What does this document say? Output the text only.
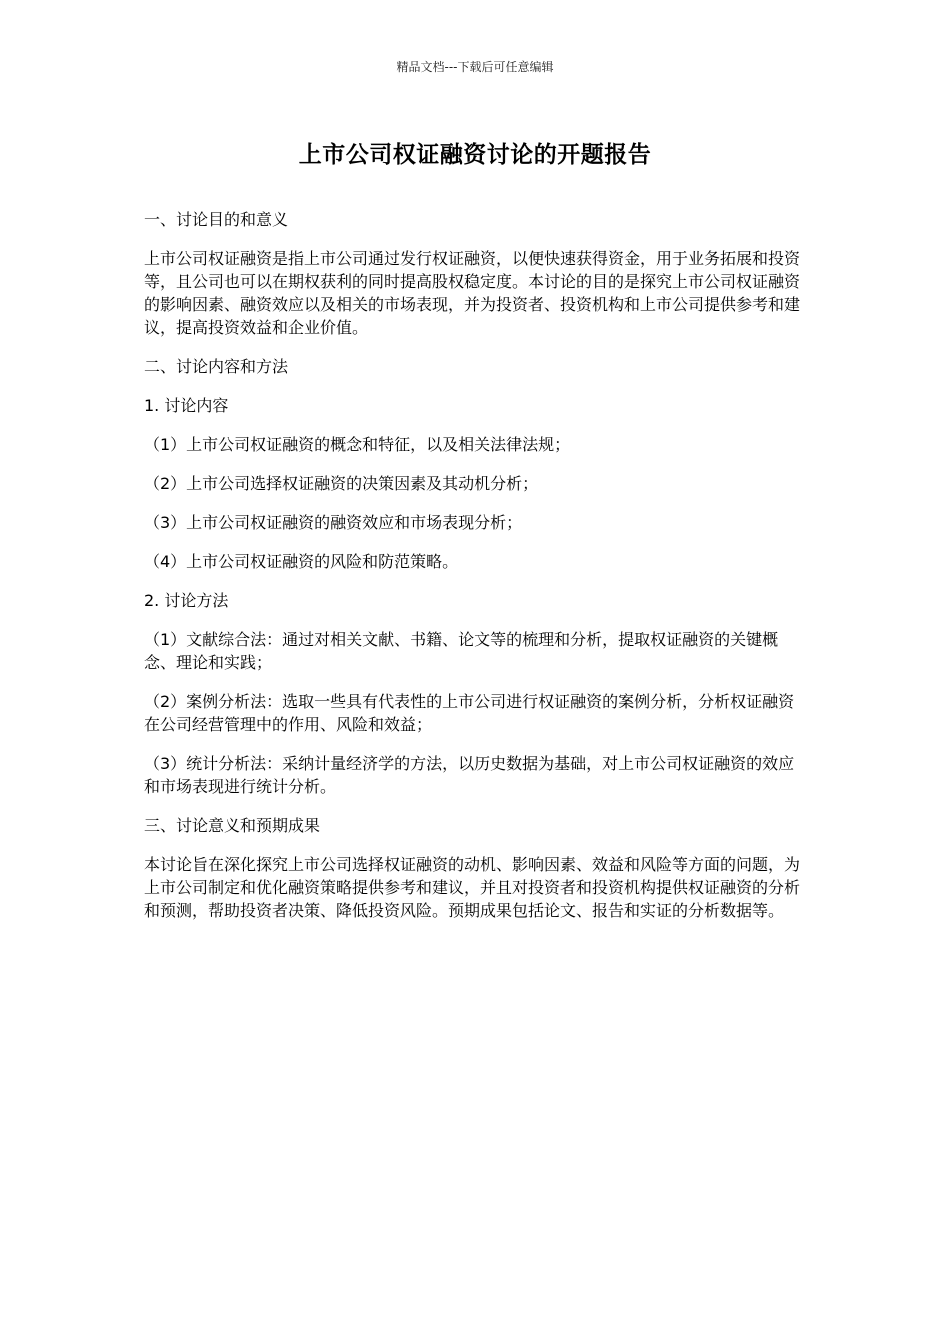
精品文档---下载后可任意编辑
上市公司权证融资讨论的开题报告

一、讨论目的和意义

上市公司权证融资是指上市公司通过发行权证融资，以便快速获得资金，用于业务拓展和投资等，且公司也可以在期权获利的同时提高股权稳定度。本讨论的目的是探究上市公司权证融资的影响因素、融资效应以及相关的市场表现，并为投资者、投资机构和上市公司提供参考和建议，提高投资效益和企业价值。

二、讨论内容和方法

1. 讨论内容

（1）上市公司权证融资的概念和特征，以及相关法律法规；

（2）上市公司选择权证融资的决策因素及其动机分析；

（3）上市公司权证融资的融资效应和市场表现分析；

（4）上市公司权证融资的风险和防范策略。

2. 讨论方法

（1）文献综合法：通过对相关文献、书籍、论文等的梳理和分析，提取权证融资的关键概念、理论和实践；

（2）案例分析法：选取一些具有代表性的上市公司进行权证融资的案例分析，分析权证融资在公司经营管理中的作用、风险和效益；

（3）统计分析法：采纳计量经济学的方法，以历史数据为基础，对上市公司权证融资的效应和市场表现进行统计分析。

三、讨论意义和预期成果

本讨论旨在深化探究上市公司选择权证融资的动机、影响因素、效益和风险等方面的问题，为上市公司制定和优化融资策略提供参考和建议，并且对投资者和投资机构提供权证融资的分析和预测，帮助投资者决策、降低投资风险。预期成果包括论文、报告和实证的分析数据等。
